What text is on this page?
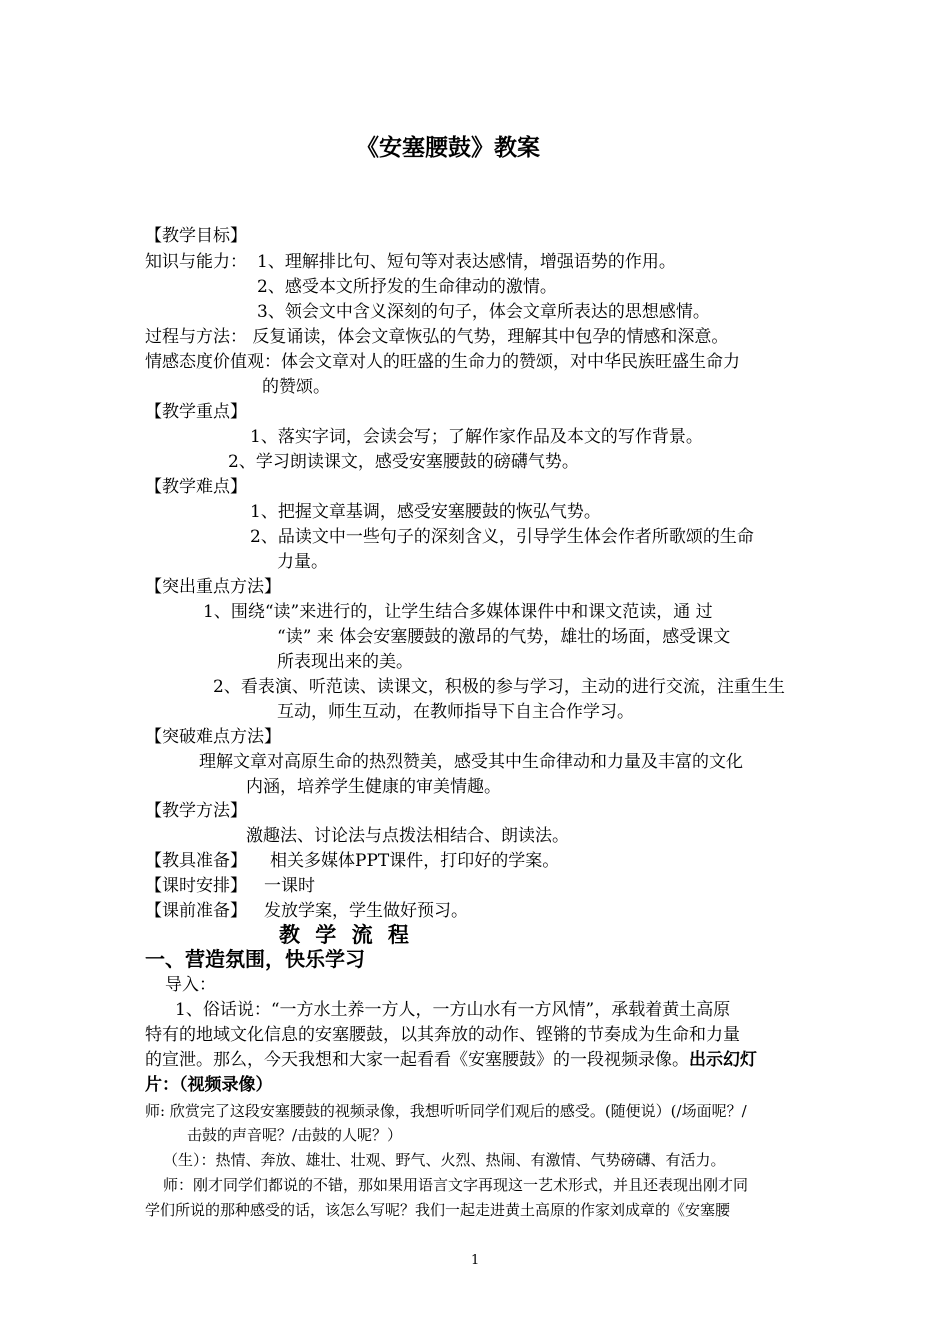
《安塞腰鼓》教案
【教学目标】
知识与能力： 1、理解排比句、短句等对表达感情，增强语势的作用。
2、感受本文所抒发的生命律动的激情。
3、领会文中含义深刻的句子，体会文章所表达的思想感情。
过程与方法： 反复诵读，体会文章恢弘的气势，理解其中包孕的情感和深意。
情感态度价值观：体会文章对人的旺盛的生命力的赞颂，对中华民族旺盛生命力
的赞颂。
【教学重点】
1、落实字词，会读会写；了解作家作品及本文的写作背景。
2、学习朗读课文，感受安塞腰鼓的磅礴气势。
【教学难点】
1、把握文章基调，感受安塞腰鼓的恢弘气势。
2、品读文中一些句子的深刻含义，引导学生体会作者所歌颂的生命
力量。
【突出重点方法】
1、围绕“读”来进行的，让学生结合多媒体课件中和课文范读，通 过
“读” 来 体会安塞腰鼓的激昂的气势，雄壮的场面，感受课文
所表现出来的美。
2、看表演、听范读、读课文，积极的参与学习，主动的进行交流，注重生生
互动，师生互动，在教师指导下自主合作学习。
【突破难点方法】
理解文章对高原生命的热烈赞美，感受其中生命律动和力量及丰富的文化
内涵，培养学生健康的审美情趣。
【教学方法】
激趣法、讨论法与点拨法相结合、朗读法。
【教具准备】 相关多媒体PPT课件，打印好的学案。
【课时安排】 一课时
【课前准备】 发放学案，学生做好预习。
教 学 流 程
一、营造氛围，快乐学习
导入：
1、俗话说：“一方水土养一方人，一方山水有一方风情”，承载着黄土高原
特有的地域文化信息的安塞腰鼓，以其奔放的动作、铿锵的节奏成为生命和力量
的宣泄。那么，今天我想和大家一起看看《安塞腰鼓》的一段视频录像。出示幻灯
片：（视频录像）
师: 欣赏完了这段安塞腰鼓的视频录像，我想听听同学们观后的感受。(随便说）(/场面呢？/
击鼓的声音呢？/击鼓的人呢？）
（生）：热情、奔放、雄壮、壮观、野气、火烈、热闹、有激情、气势磅礴、有活力。
师：刚才同学们都说的不错，那如果用语言文字再现这一艺术形式，并且还表现出刚才同
学们所说的那种感受的话，该怎么写呢？我们一起走进黄土高原的作家刘成章的《安塞腰
1
